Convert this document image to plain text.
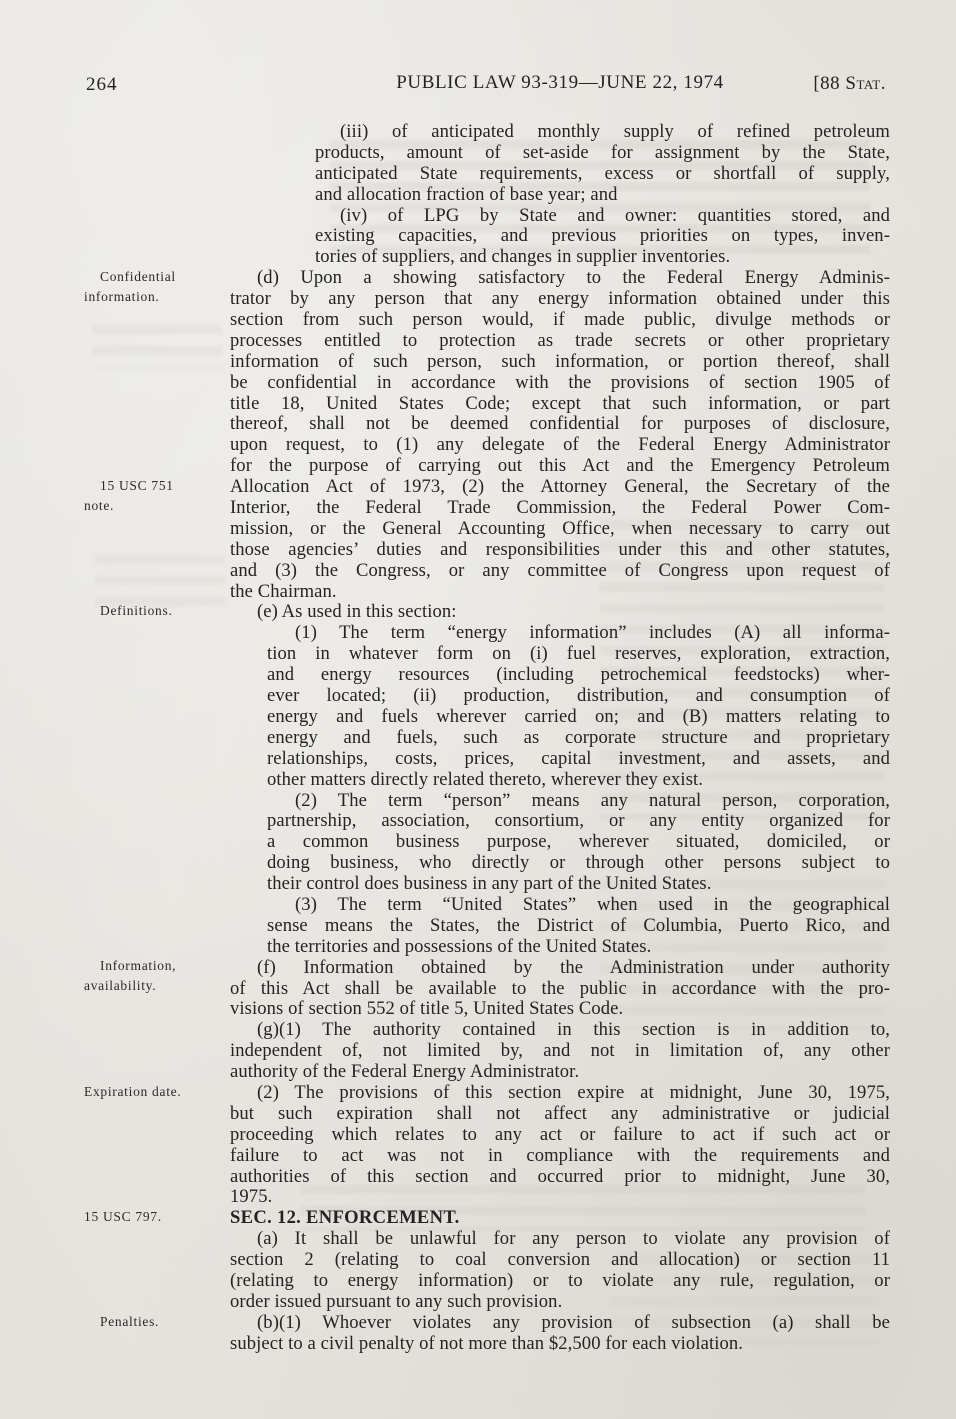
264	PUBLIC LAW 93-319—JUNE 22, 1974	[88 Stat.
Confidential
information.
15 USC 751
note.
Definitions.
Information,
availability.
Expiration date.
15 USC 797.
Penalties.
(iii) of anticipated monthly supply of refined petroleum
products, amount of set-aside for assignment by the State,
anticipated State requirements, excess or shortfall of supply,
and allocation fraction of base year; and
(iv) of LPG by State and owner: quantities stored, and
existing capacities, and previous priorities on types, inven-
tories of suppliers, and changes in supplier inventories.
(d) Upon a showing satisfactory to the Federal Energy Adminis-
trator by any person that any energy information obtained under this
section from such person would, if made public, divulge methods or
processes entitled to protection as trade secrets or other proprietary
information of such person, such information, or portion thereof, shall
be confidential in accordance with the provisions of section 1905 of
title 18, United States Code; except that such information, or part
thereof, shall not be deemed confidential for purposes of disclosure,
upon request, to (1) any delegate of the Federal Energy Administrator
for the purpose of carrying out this Act and the Emergency Petroleum
Allocation Act of 1973, (2) the Attorney General, the Secretary of the
Interior, the Federal Trade Commission, the Federal Power Com-
mission, or the General Accounting Office, when necessary to carry out
those agencies’ duties and responsibilities under this and other statutes,
and (3) the Congress, or any committee of Congress upon request of
the Chairman.
(e) As used in this section:
(1) The term “energy information” includes (A) all informa-
tion in whatever form on (i) fuel reserves, exploration, extraction,
and energy resources (including petrochemical feedstocks) wher-
ever located; (ii) production, distribution, and consumption of
energy and fuels wherever carried on; and (B) matters relating to
energy and fuels, such as corporate structure and proprietary
relationships, costs, prices, capital investment, and assets, and
other matters directly related thereto, wherever they exist.
(2) The term “person” means any natural person, corporation,
partnership, association, consortium, or any entity organized for
a common business purpose, wherever situated, domiciled, or
doing business, who directly or through other persons subject to
their control does business in any part of the United States.
(3) The term “United States” when used in the geographical
sense means the States, the District of Columbia, Puerto Rico, and
the territories and possessions of the United States.
(f) Information obtained by the Administration under authority
of this Act shall be available to the public in accordance with the pro-
visions of section 552 of title 5, United States Code.
(g)(1) The authority contained in this section is in addition to,
independent of, not limited by, and not in limitation of, any other
authority of the Federal Energy Administrator.
(2) The provisions of this section expire at midnight, June 30, 1975,
but such expiration shall not affect any administrative or judicial
proceeding which relates to any act or failure to act if such act or
failure to act was not in compliance with the requirements and
authorities of this section and occurred prior to midnight, June 30,
1975.
SEC. 12. ENFORCEMENT.
(a) It shall be unlawful for any person to violate any provision of
section 2 (relating to coal conversion and allocation) or section 11
(relating to energy information) or to violate any rule, regulation, or
order issued pursuant to any such provision.
(b)(1) Whoever violates any provision of subsection (a) shall be
subject to a civil penalty of not more than $2,500 for each violation.
